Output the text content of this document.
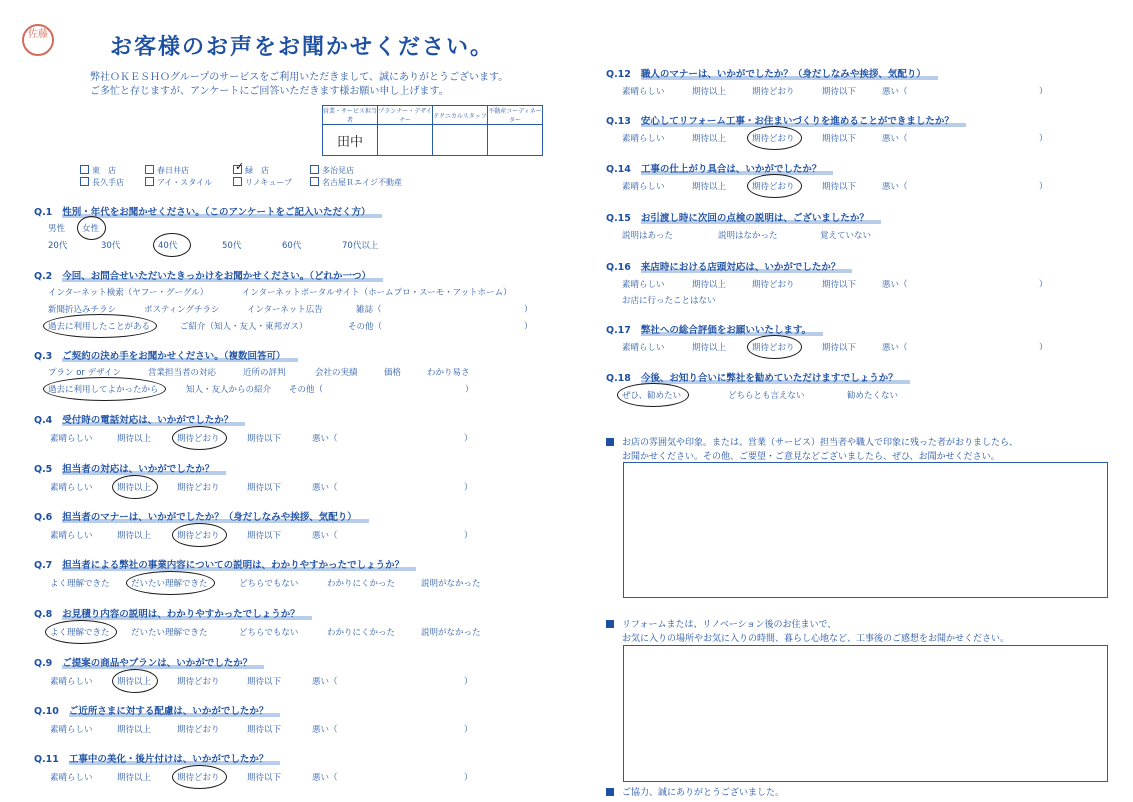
佐藤
お客様のお声をお聞かせください。
弊社ＯＫＥＳＨＯグループのサービスをご利用いただきまして、誠にありがとうございます。
ご多忙と存じますが、アンケートにご回答いただきます様お願い申し上げます。
営業・サービス担当者	プランナー・デザイナー	テクニカルスタッフ	不動産コーディネーター
田中			
東　店	春日井店	✓ 緑　店	多治見店
長久手店	アイ・スタイル	リノキューブ	名古屋Ｒエイジ不動産
Q.1 性別・年代をお聞かせください。（このアンケートをご記入いただく方）
男性 女性
20代	30代	40代	50代	60代	70代以上
Q.2 今回、お問合せいただいたきっかけをお聞かせください。（どれか一つ）
インターネット検索（ヤフー・グーグル）	インターネットポータルサイト（ホームプロ・スーモ・アットホーム）
新聞折込みチラシ	ポスティングチラシ	インターネット広告	雑誌（	）
過去に利用したことがある	ご紹介（知人・友人・東邦ガス）	その他（	）
Q.3 ご契約の決め手をお聞かせください。（複数回答可）
プラン or デザイン	営業担当者の対応	近所の評判	会社の実績	価格	わかり易さ
過去に利用してよかったから	知人・友人からの紹介 その他（	）
Q.4 受付時の電話対応は、いかがでしたか？
素晴らしい	期待以上	期待どおり	期待以下	悪い（	）
Q.5 担当者の対応は、いかがでしたか？
素晴らしい	期待以上	期待どおり	期待以下	悪い（	）
Q.6 担当者のマナーは、いかがでしたか？（身だしなみや挨拶、気配り）
素晴らしい	期待以上	期待どおり	期待以下	悪い（	）
Q.7 担当者による弊社の事業内容についての説明は、わかりやすかったでしょうか？
よく理解できた	だいたい理解できた	どちらでもない	わかりにくかった	説明がなかった
Q.8 お見積り内容の説明は、わかりやすかったでしょうか？
よく理解できた	だいたい理解できた	どちらでもない	わかりにくかった	説明がなかった
Q.9 ご提案の商品やプランは、いかがでしたか？
素晴らしい	期待以上	期待どおり	期待以下	悪い（	）
Q.10 ご近所さまに対する配慮は、いかがでしたか？
素晴らしい	期待以上	期待どおり	期待以下	悪い（	）
Q.11 工事中の美化・後片付けは、いかがでしたか？
素晴らしい	期待以上	期待どおり	期待以下	悪い（	）
Q.12 職人のマナーは、いかがでしたか？（身だしなみや挨拶、気配り）
素晴らしい	期待以上	期待どおり	期待以下	悪い（	）
Q.13 安心してリフォーム工事・お住まいづくりを進めることができましたか？
素晴らしい	期待以上	期待どおり	期待以下	悪い（	）
Q.14 工事の仕上がり具合は、いかがでしたか？
素晴らしい	期待以上	期待どおり	期待以下	悪い（	）
Q.15 お引渡し時に次回の点検の説明は、ございましたか？
説明はあった	説明はなかった	覚えていない
Q.16 来店時における店頭対応は、いかがでしたか？
素晴らしい	期待以上	期待どおり	期待以下	悪い（	）
お店に行ったことはない
Q.17 弊社への総合評価をお願いいたします。
素晴らしい	期待以上	期待どおり	期待以下	悪い（	）
Q.18 今後、お知り合いに弊社を勧めていただけますでしょうか？
ぜひ、勧めたい	どちらとも言えない	勧めたくない
お店の雰囲気や印象。または、営業（サービス）担当者や職人で印象に残った者がおりましたら、
お聞かせください。その他、ご要望・ご意見などございましたら、ぜひ、お聞かせください。
リフォームまたは、リノベーション後のお住まいで、
お気に入りの場所やお気に入りの時間、暮らし心地など、工事後のご感想をお聞かせください。
ご協力、誠にありがとうございました。
